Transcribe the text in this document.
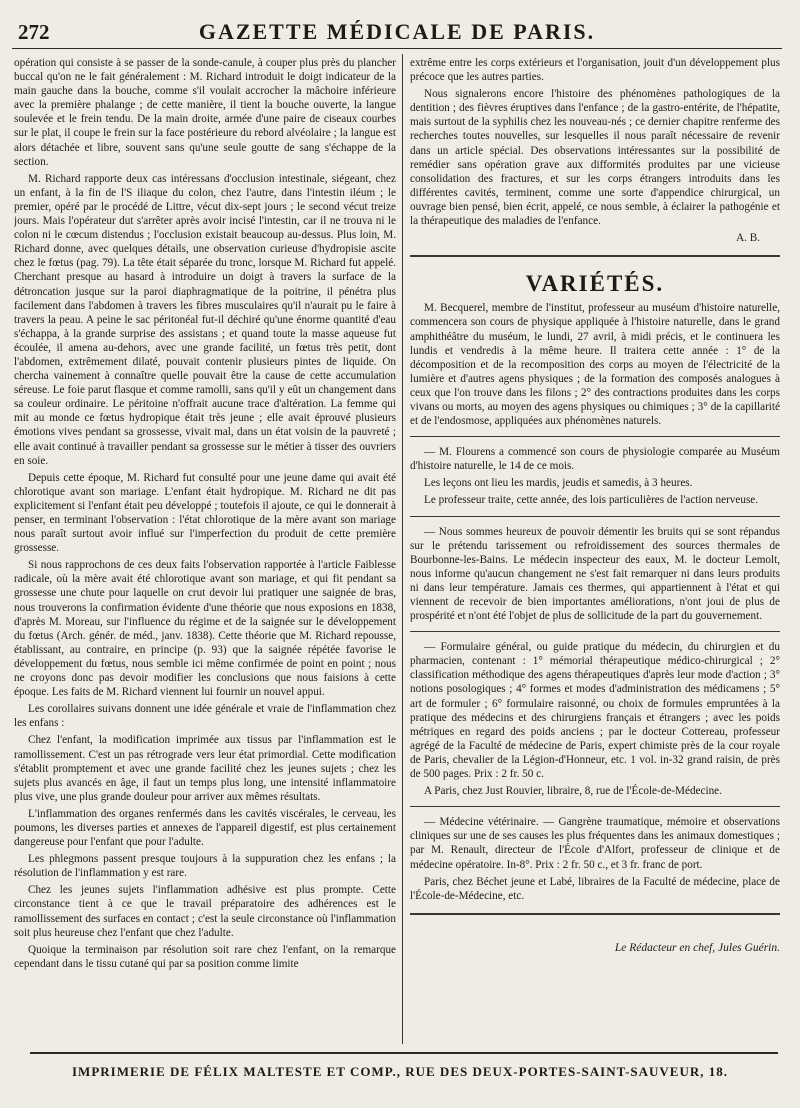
272	GAZETTE MÉDICALE DE PARIS.

opération qui consiste à se passer de la sonde-canule, à couper plus près du plancher buccal qu'on ne le fait généralement : M. Richard introduit le doigt indicateur de la main gauche dans la bouche, comme s'il voulait accrocher la mâchoire inférieure avec la première phalange ; de cette manière, il tient la bouche ouverte, la langue soulevée et le frein tendu. De la main droite, armée d'une paire de ciseaux courbes sur le plat, il coupe le frein sur la face postérieure du rebord alvéolaire ; la langue est alors détachée et libre, souvent sans qu'une seule goutte de sang s'échappe de la section.

M. Richard rapporte deux cas intéressans d'occlusion intestinale, siégeant, chez un enfant, à la fin de l'S iliaque du colon, chez l'autre, dans l'intestin iléum ; le premier, opéré par le procédé de Littre, vécut dix-sept jours ; le second vécut treize jours. Mais l'opérateur dut s'arrêter après avoir incisé l'intestin, car il ne trouva ni le colon ni le cœcum distendus ; l'occlusion existait beaucoup au-dessus. Plus loin, M. Richard donne, avec quelques détails, une observation curieuse d'hydropisie ascite chez le fœtus (pag. 79). La tête était séparée du tronc, lorsque M. Richard fut appelé. Cherchant presque au hasard à introduire un doigt à travers la surface de la détroncation jusque sur la paroi diaphragmatique de la poitrine, il pénétra plus facilement dans l'abdomen à travers les fibres musculaires qu'il n'aurait pu le faire à travers la peau. A peine le sac péritonéal fut-il déchiré qu'une énorme quantité d'eau s'échappa, à la grande surprise des assistans ; et quand toute la masse aqueuse fut écoulée, il amena au-dehors, avec une grande facilité, un fœtus très petit, dont l'abdomen, extrêmement dilaté, pouvait contenir plusieurs pintes de liquide. On chercha vainement à connaître quelle pouvait être la cause de cette accumulation séreuse. Le foie parut flasque et comme ramolli, sans qu'il y eût un changement dans sa couleur ordinaire. Le péritoine n'offrait aucune trace d'altération. La femme qui mit au monde ce fœtus hydropique était très jeune ; elle avait éprouvé plusieurs émotions vives pendant sa grossesse, vivait mal, dans un état voisin de la pauvreté ; elle avait continué à travailler pendant sa grossesse sur le métier à tisser des ouvriers en soie.

Depuis cette époque, M. Richard fut consulté pour une jeune dame qui avait été chlorotique avant son mariage. L'enfant était hydropique. M. Richard ne dit pas explicitement si l'enfant était peu développé ; toutefois il ajoute, ce qui le donnerait à penser, en terminant l'observation : l'état chlorotique de la mère avant son mariage nous paraît surtout avoir influé sur l'imperfection du produit de cette première grossesse.

Si nous rapprochons de ces deux faits l'observation rapportée à l'article Faiblesse radicale, où la mère avait été chlorotique avant son mariage, et qui fit pendant sa grossesse une chute pour laquelle on crut devoir lui pratiquer une saignée de bras, nous trouverons la confirmation évidente d'une théorie que nous exposions en 1838, d'après M. Moreau, sur l'influence du régime et de la saignée sur le développement du fœtus (Arch. génér. de méd., janv. 1838). Cette théorie que M. Richard repousse, établissant, au contraire, en principe (p. 93) que la saignée répétée favorise le développement du fœtus, nous semble ici même confirmée de point en point ; nous ne croyons donc pas devoir modifier les conclusions que nous faisions à cette époque. Les faits de M. Richard viennent lui fournir un nouvel appui.

Les corollaires suivans donnent une idée générale et vraie de l'inflammation chez les enfans :

Chez l'enfant, la modification imprimée aux tissus par l'inflammation est le ramollissement. C'est un pas rétrograde vers leur état primordial. Cette modification s'établit promptement et avec une grande facilité chez les jeunes sujets ; chez les sujets plus avancés en âge, il faut un temps plus long, une intensité inflammatoire plus vive, une plus grande douleur pour arriver aux mêmes résultats.

L'inflammation des organes renfermés dans les cavités viscérales, le cerveau, les poumons, les diverses parties et annexes de l'appareil digestif, est plus certainement dangereuse pour l'enfant que pour l'adulte.

Les phlegmons passent presque toujours à la suppuration chez les enfans ; la résolution de l'inflammation y est rare.

Chez les jeunes sujets l'inflammation adhésive est plus prompte. Cette circonstance tient à ce que le travail préparatoire des adhérences est le ramollissement des surfaces en contact ; c'est la seule circonstance où l'inflammation soit plus heureuse chez l'enfant que chez l'adulte.

Quoique la terminaison par résolution soit rare chez l'enfant, on la remarque cependant dans le tissu cutané qui par sa position comme limite

extrême entre les corps extérieurs et l'organisation, jouit d'un développement plus précoce que les autres parties.

Nous signalerons encore l'histoire des phénomènes pathologiques de la dentition ; des fièvres éruptives dans l'enfance ; de la gastro-entérite, de l'hépatite, mais surtout de la syphilis chez les nouveau-nés ; ce dernier chapitre renferme des recherches toutes nouvelles, sur lesquelles il nous paraît nécessaire de revenir dans un article spécial. Des observations intéressantes sur la possibilité de remédier sans opération grave aux difformités produites par une vicieuse consolidation des fractures, et sur les corps étrangers introduits dans les différentes cavités, terminent, comme une sorte d'appendice chirurgical, un ouvrage bien pensé, bien écrit, appelé, ce nous semble, à éclairer la pathogénie et la thérapeutique des maladies de l'enfance.

A. B.

VARIÉTÉS.

M. Becquerel, membre de l'institut, professeur au muséum d'histoire naturelle, commencera son cours de physique appliquée à l'histoire naturelle, dans le grand amphithéâtre du muséum, le lundi, 27 avril, à midi précis, et le continuera les lundis et vendredis à la même heure. Il traitera cette année : 1° de la décomposition et de la recomposition des corps au moyen de l'électricité de la lumière et d'autres agens physiques ; de la formation des composés analogues à ceux que l'on trouve dans les filons ; 2° des contractions produites dans les corps vivans ou morts, au moyen des agens physiques ou chimiques ; 3° de la capillarité et de l'endosmose, appliquées aux phénomènes naturels.

— M. Flourens a commencé son cours de physiologie comparée au Muséum d'histoire naturelle, le 14 de ce mois.

Les leçons ont lieu les mardis, jeudis et samedis, à 3 heures.

Le professeur traite, cette année, des lois particulières de l'action nerveuse.

— Nous sommes heureux de pouvoir démentir les bruits qui se sont répandus sur le prétendu tarissement ou refroidissement des sources thermales de Bourbonne-les-Bains. Le médecin inspecteur des eaux, M. le docteur Lemolt, nous informe qu'aucun changement ne s'est fait remarquer ni dans leurs produits ni dans leur température. Jamais ces thermes, qui appartiennent à l'état et qui viennent de recevoir de bien importantes améliorations, n'ont joui de plus de prospérité et n'ont été l'objet de plus de sollicitude de la part du gouvernement.

— Formulaire général, ou guide pratique du médecin, du chirurgien et du pharmacien, contenant : 1° mémorial thérapeutique médico-chirurgical ; 2° classification méthodique des agens thérapeutiques d'après leur mode d'action ; 3° notions posologiques ; 4° formes et modes d'administration des médicamens ; 5° art de formuler ; 6° formulaire raisonné, ou choix de formules empruntées à la pratique des médecins et des chirurgiens français et étrangers ; avec les poids métriques en regard des poids anciens ; par le docteur Cottereau, professeur agrégé de la Faculté de médecine de Paris, expert chimiste près de la cour royale de Paris, chevalier de la Légion-d'Honneur, etc. 1 vol. in-32 grand raisin, de près de 500 pages. Prix : 2 fr. 50 c.

A Paris, chez Just Rouvier, libraire, 8, rue de l'École-de-Médecine.

— Médecine vétérinaire. — Gangrène traumatique, mémoire et observations cliniques sur une de ses causes les plus fréquentes dans les animaux domestiques ; par M. Renault, directeur de l'École d'Alfort, professeur de clinique et de médecine opératoire. In-8°. Prix : 2 fr. 50 c., et 3 fr. franc de port.

Paris, chez Béchet jeune et Labé, libraires de la Faculté de médecine, place de l'École-de-Médecine, etc.

Le Rédacteur en chef, Jules Guérin.
IMPRIMERIE DE FÉLIX MALTESTE ET COMP., RUE DES DEUX-PORTES-SAINT-SAUVEUR, 18.
